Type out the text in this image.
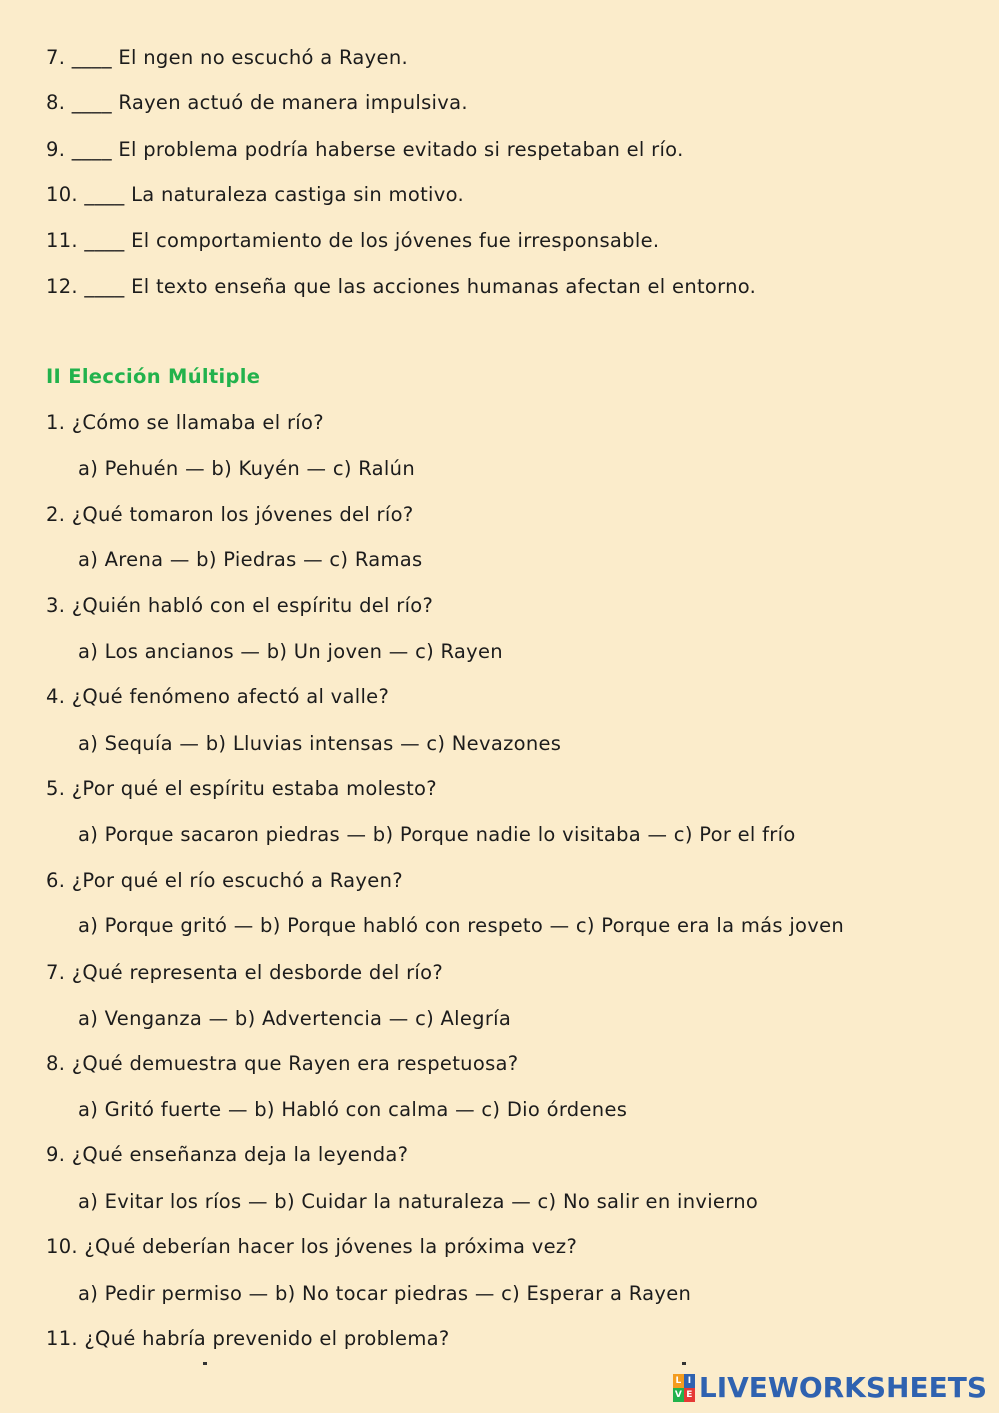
7. ____ El ngen no escuchó a Rayen.
8. ____ Rayen actuó de manera impulsiva.
9. ____ El problema podría haberse evitado si respetaban el río.
10. ____ La naturaleza castiga sin motivo.
11. ____ El comportamiento de los jóvenes fue irresponsable.
12. ____ El texto enseña que las acciones humanas afectan el entorno.
II Elección Múltiple
1. ¿Cómo se llamaba el río?
a) Pehuén — b) Kuyén — c) Ralún
2. ¿Qué tomaron los jóvenes del río?
a) Arena — b) Piedras — c) Ramas
3. ¿Quién habló con el espíritu del río?
a) Los ancianos — b) Un joven — c) Rayen
4. ¿Qué fenómeno afectó al valle?
a) Sequía — b) Lluvias intensas — c) Nevazones
5. ¿Por qué el espíritu estaba molesto?
a) Porque sacaron piedras — b) Porque nadie lo visitaba — c) Por el frío
6. ¿Por qué el río escuchó a Rayen?
a) Porque gritó — b) Porque habló con respeto — c) Porque era la más joven
7. ¿Qué representa el desborde del río?
a) Venganza — b) Advertencia — c) Alegría
8. ¿Qué demuestra que Rayen era respetuosa?
a) Gritó fuerte — b) Habló con calma — c) Dio órdenes
9. ¿Qué enseñanza deja la leyenda?
a) Evitar los ríos — b) Cuidar la naturaleza — c) No salir en invierno
10. ¿Qué deberían hacer los jóvenes la próxima vez?
a) Pedir permiso — b) No tocar piedras — c) Esperar a Rayen
11. ¿Qué habría prevenido el problema?
L I
V E LIVEWORKSHEETS
